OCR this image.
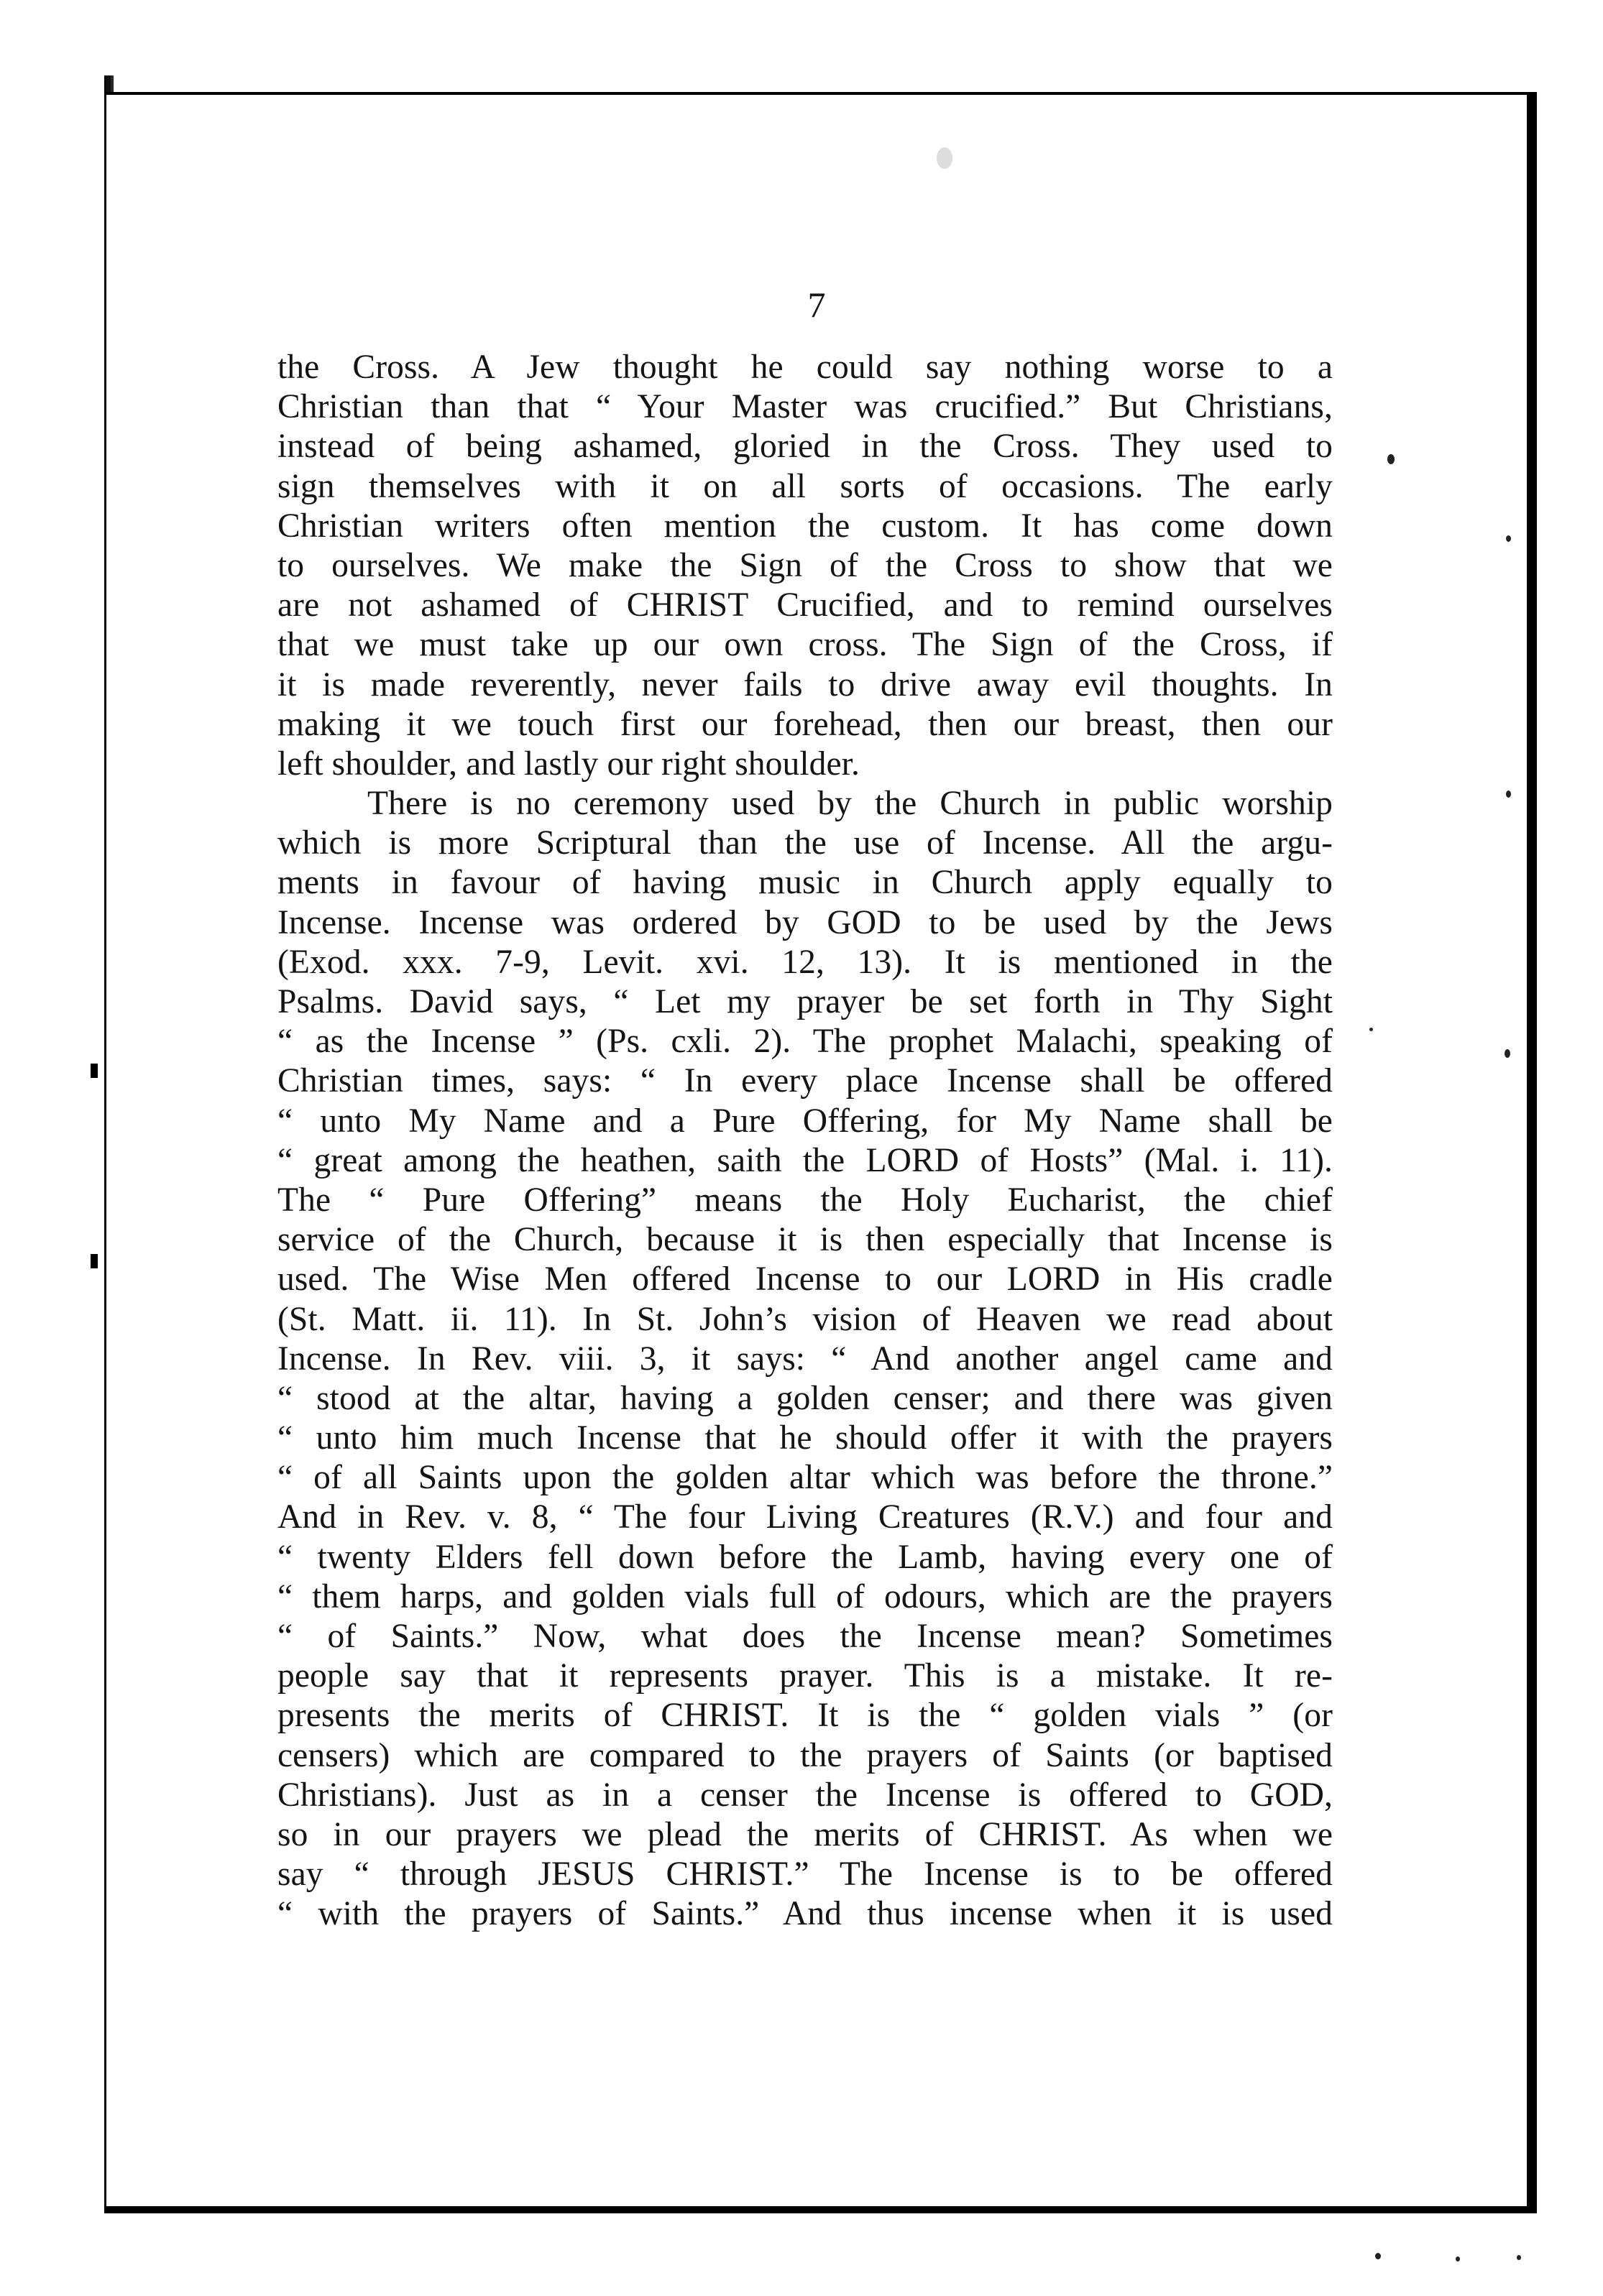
7
the Cross. A Jew thought he could say nothing worse to a
Christian than that “ Your Master was crucified.” But Christians,
instead of being ashamed, gloried in the Cross. They used to
sign themselves with it on all sorts of occasions. The early
Christian writers often mention the custom. It has come down
to ourselves. We make the Sign of the Cross to show that we
are not ashamed of CHRIST Crucified, and to remind ourselves
that we must take up our own cross. The Sign of the Cross, if
it is made reverently, never fails to drive away evil thoughts. In
making it we touch first our forehead, then our breast, then our
left shoulder, and lastly our right shoulder.
There is no ceremony used by the Church in public worship
which is more Scriptural than the use of Incense. All the argu-
ments in favour of having music in Church apply equally to
Incense. Incense was ordered by GOD to be used by the Jews
(Exod. xxx. 7-9, Levit. xvi. 12, 13). It is mentioned in the
Psalms. David says, “ Let my prayer be set forth in Thy Sight
“ as the Incense ” (Ps. cxli. 2). The prophet Malachi, speaking of
Christian times, says: “ In every place Incense shall be offered
“ unto My Name and a Pure Offering, for My Name shall be
“ great among the heathen, saith the LORD of Hosts” (Mal. i. 11).
The “ Pure Offering” means the Holy Eucharist, the chief
service of the Church, because it is then especially that Incense is
used. The Wise Men offered Incense to our LORD in His cradle
(St. Matt. ii. 11). In St. John’s vision of Heaven we read about
Incense. In Rev. viii. 3, it says: “ And another angel came and
“ stood at the altar, having a golden censer; and there was given
“ unto him much Incense that he should offer it with the prayers
“ of all Saints upon the golden altar which was before the throne.”
And in Rev. v. 8, “ The four Living Creatures (R.V.) and four and
“ twenty Elders fell down before the Lamb, having every one of
“ them harps, and golden vials full of odours, which are the prayers
“ of Saints.” Now, what does the Incense mean? Sometimes
people say that it represents prayer. This is a mistake. It re-
presents the merits of CHRIST. It is the “ golden vials ” (or
censers) which are compared to the prayers of Saints (or baptised
Christians). Just as in a censer the Incense is offered to GOD,
so in our prayers we plead the merits of CHRIST. As when we
say “ through JESUS CHRIST.” The Incense is to be offered
“ with the prayers of Saints.” And thus incense when it is used
